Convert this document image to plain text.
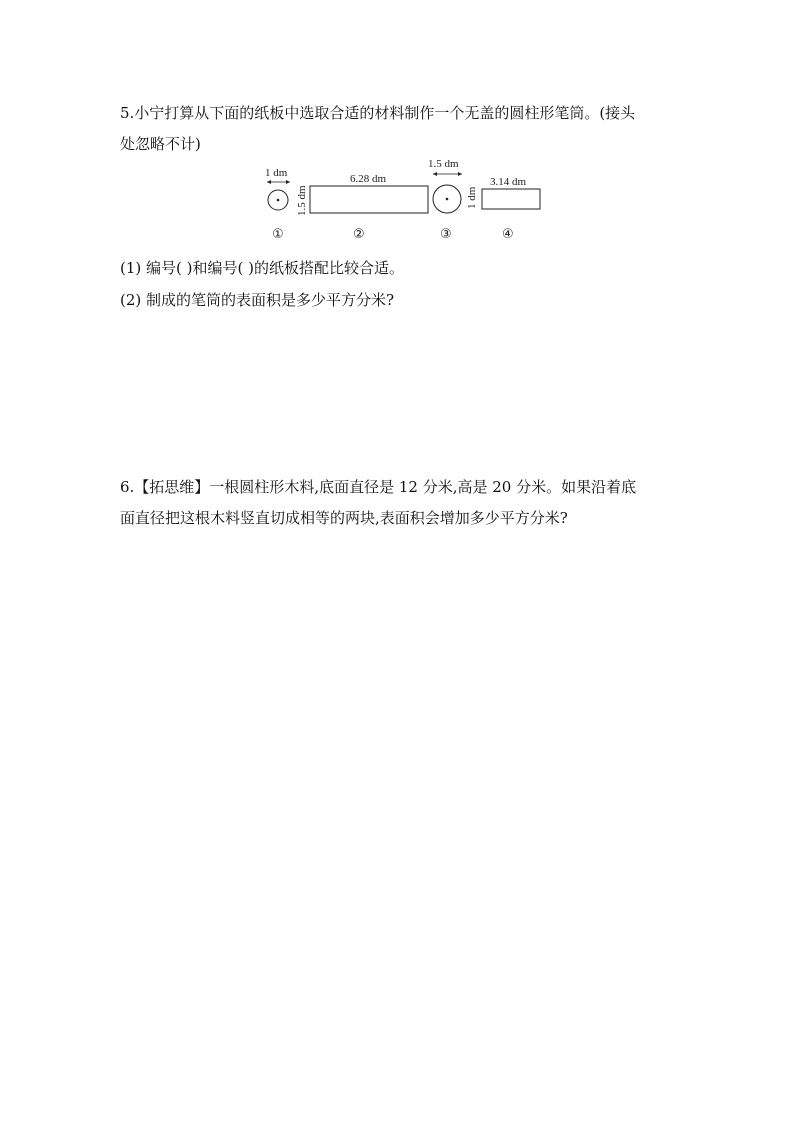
5.小宁打算从下面的纸板中选取合适的材料制作一个无盖的圆柱形笔筒。(接头
处忽略不计)
1 dm
①
1.5 dm
6.28 dm
②
1.5 dm
1 dm
③
3.14 dm
④
(1) 编号( )和编号( )的纸板搭配比较合适。
(2) 制成的笔筒的表面积是多少平方分米?
6.【拓思维】一根圆柱形木料,底面直径是 12 分米,高是 20 分米。如果沿着底
面直径把这根木料竖直切成相等的两块,表面积会增加多少平方分米?
